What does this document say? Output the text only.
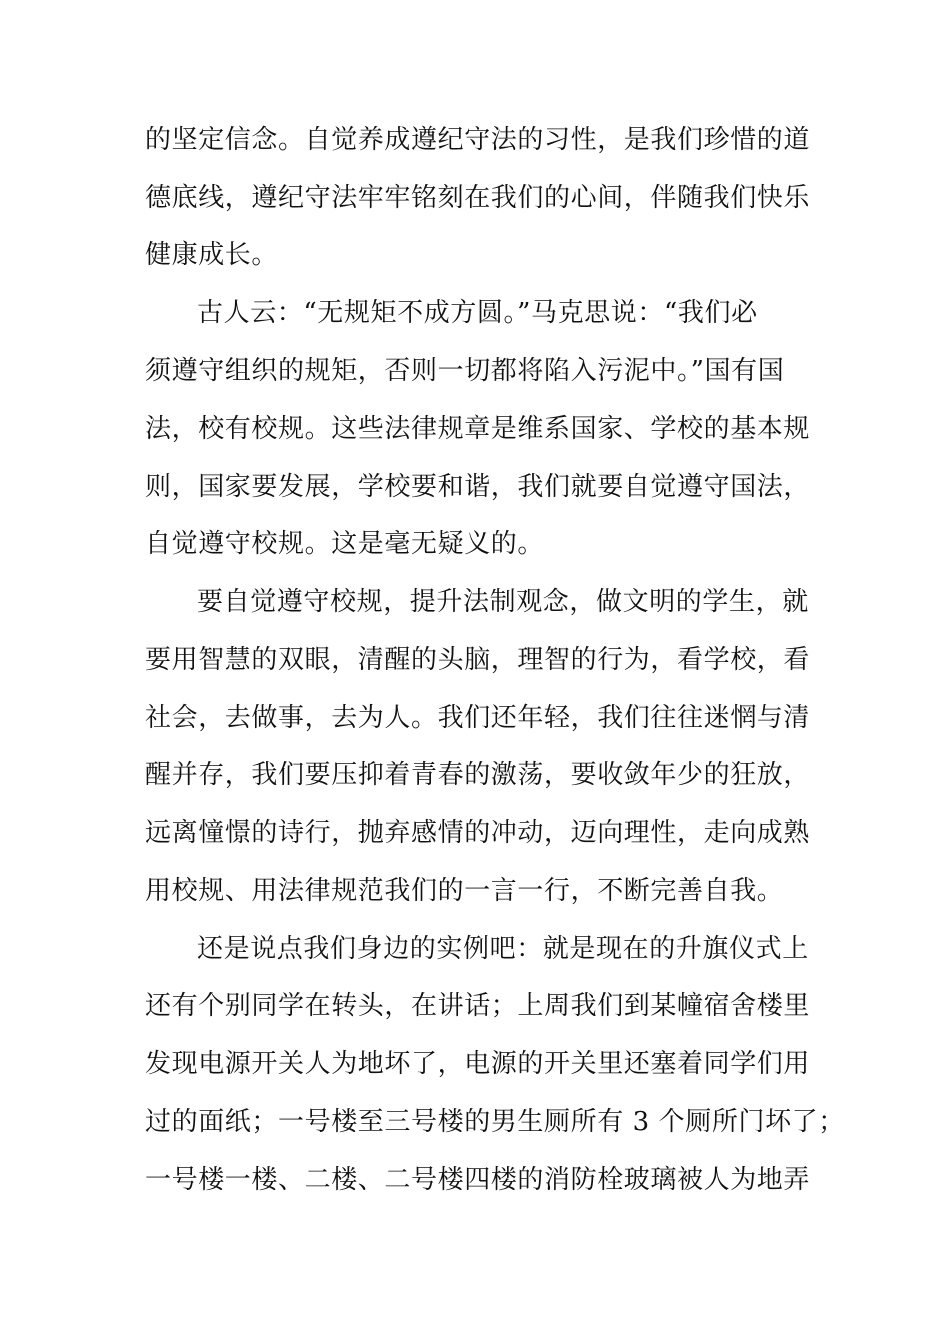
的坚定信念。自觉养成遵纪守法的习性，是我们珍惜的道
德底线，遵纪守法牢牢铭刻在我们的心间，伴随我们快乐
健康成长。
古人云：“无规矩不成方圆。”马克思说：“我们必
须遵守组织的规矩，否则一切都将陷入污泥中。”国有国
法，校有校规。这些法律规章是维系国家、学校的基本规
则，国家要发展，学校要和谐，我们就要自觉遵守国法，
自觉遵守校规。这是毫无疑义的。
要自觉遵守校规，提升法制观念，做文明的学生，就
要用智慧的双眼，清醒的头脑，理智的行为，看学校，看
社会，去做事，去为人。我们还年轻，我们往往迷惘与清
醒并存，我们要压抑着青春的激荡，要收敛年少的狂放，
远离憧憬的诗行，抛弃感情的冲动，迈向理性，走向成熟
用校规、用法律规范我们的一言一行，不断完善自我。
还是说点我们身边的实例吧：就是现在的升旗仪式上
还有个别同学在转头，在讲话；上周我们到某幢宿舍楼里
发现电源开关人为地坏了，电源的开关里还塞着同学们用
过的面纸；一号楼至三号楼的男生厕所有 3 个厕所门坏了；
一号楼一楼、二楼、二号楼四楼的消防栓玻璃被人为地弄
